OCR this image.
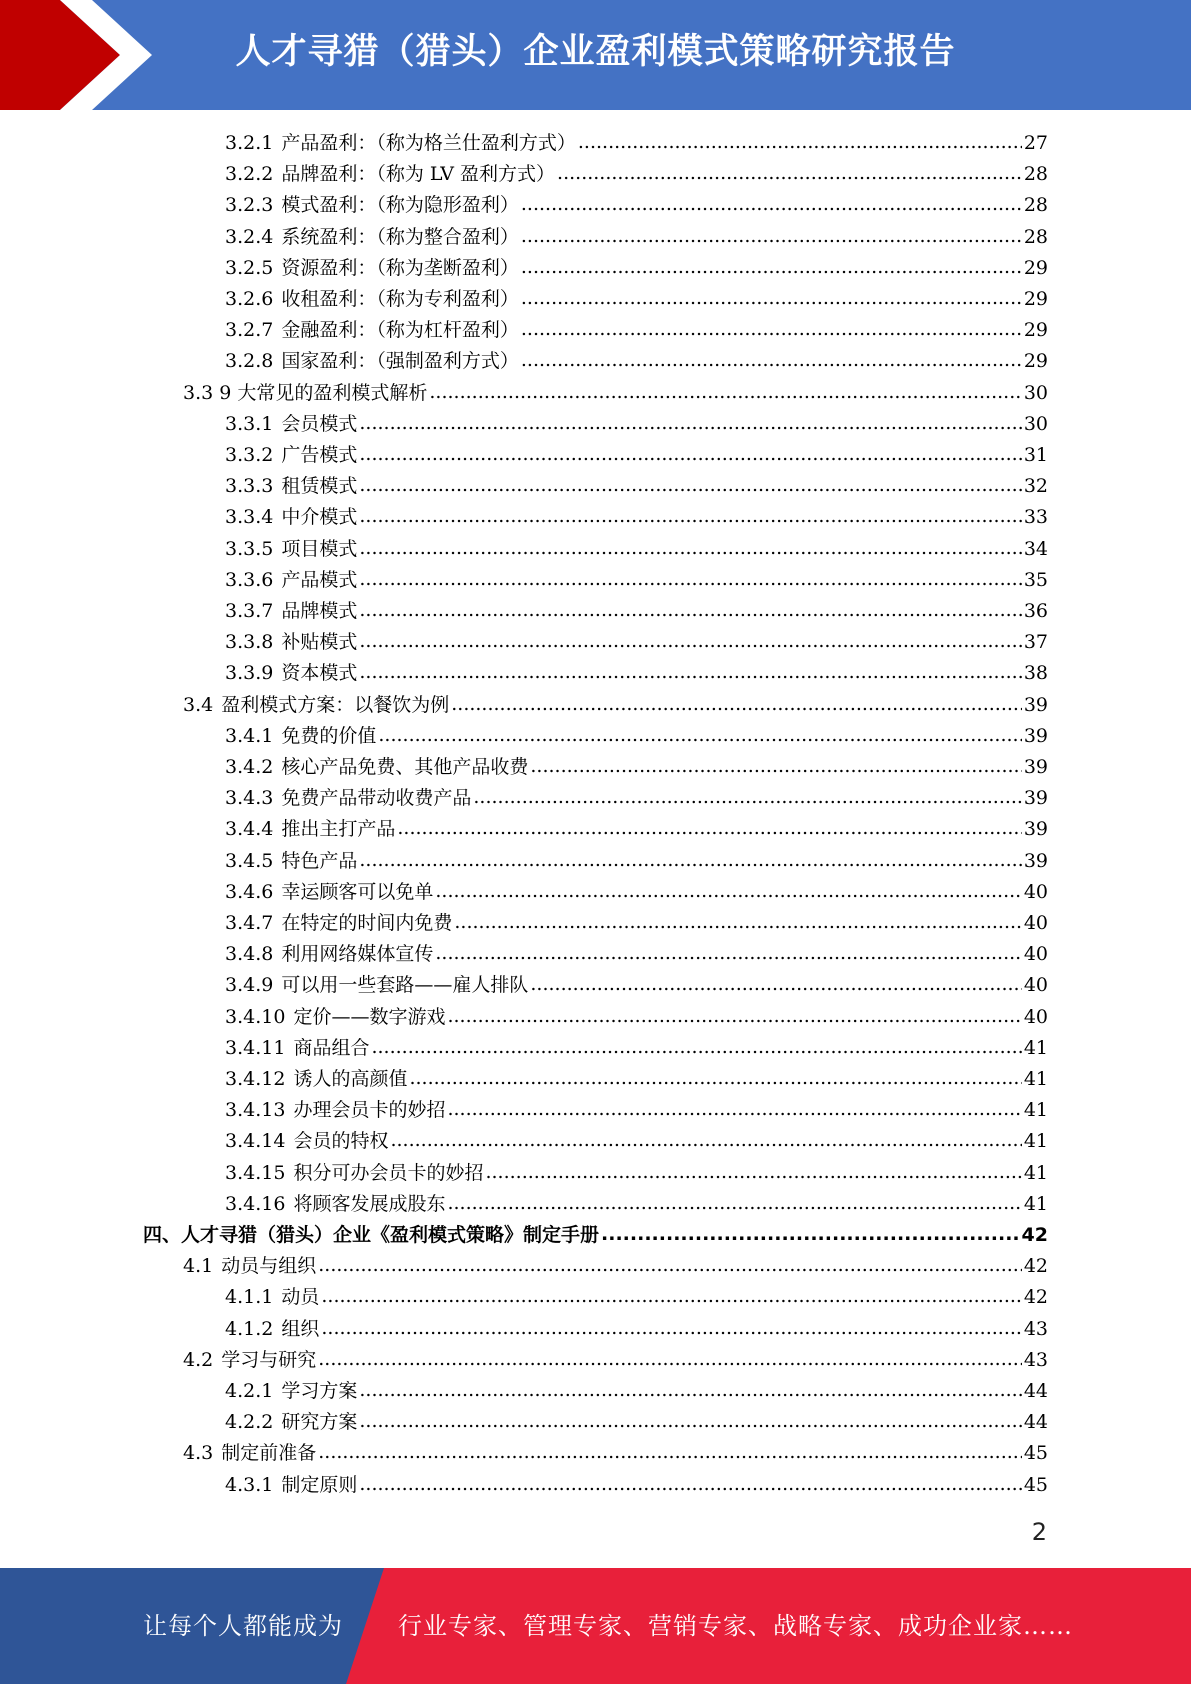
人才寻猎（猎头）企业盈利模式策略研究报告
3.2.1 产品盈利：（称为格兰仕盈利方式） .....	27
3.2.2 品牌盈利：（称为 LV 盈利方式） .....	28
3.2.3 模式盈利：（称为隐形盈利） .....	28
3.2.4 系统盈利：（称为整合盈利） .....	28
3.2.5 资源盈利：（称为垄断盈利） .....	29
3.2.6 收租盈利：（称为专利盈利） .....	29
3.2.7 金融盈利：（称为杠杆盈利） .....	29
3.2.8 国家盈利：（强制盈利方式） .....	29
3.3 9 大常见的盈利模式解析 .....	30
3.3.1 会员模式 .....	30
3.3.2 广告模式 .....	31
3.3.3 租赁模式 .....	32
3.3.4 中介模式 .....	33
3.3.5 项目模式 .....	34
3.3.6 产品模式 .....	35
3.3.7 品牌模式 .....	36
3.3.8 补贴模式 .....	37
3.3.9 资本模式 .....	38
3.4 盈利模式方案：以餐饮为例 .....	39
3.4.1 免费的价值 .....	39
3.4.2 核心产品免费、其他产品收费 .....	39
3.4.3 免费产品带动收费产品 .....	39
3.4.4 推出主打产品 .....	39
3.4.5 特色产品 .....	39
3.4.6 幸运顾客可以免单 .....	40
3.4.7 在特定的时间内免费 .....	40
3.4.8 利用网络媒体宣传 .....	40
3.4.9 可以用一些套路——雇人排队 .....	40
3.4.10 定价——数字游戏 .....	40
3.4.11 商品组合 .....	41
3.4.12 诱人的高颜值 .....	41
3.4.13 办理会员卡的妙招 .....	41
3.4.14 会员的特权 .....	41
3.4.15 积分可办会员卡的妙招 .....	41
3.4.16 将顾客发展成股东 .....	41
四、人才寻猎（猎头）企业《盈利模式策略》制定手册 .....	42
4.1 动员与组织 .....	42
4.1.1 动员 .....	42
4.1.2 组织 .....	43
4.2 学习与研究 .....	43
4.2.1 学习方案 .....	44
4.2.2 研究方案 .....	44
4.3 制定前准备 .....	45
4.3.1 制定原则 .....	45
2
让每个人都能成为 行业专家、管理专家、营销专家、战略专家、成功企业家……
